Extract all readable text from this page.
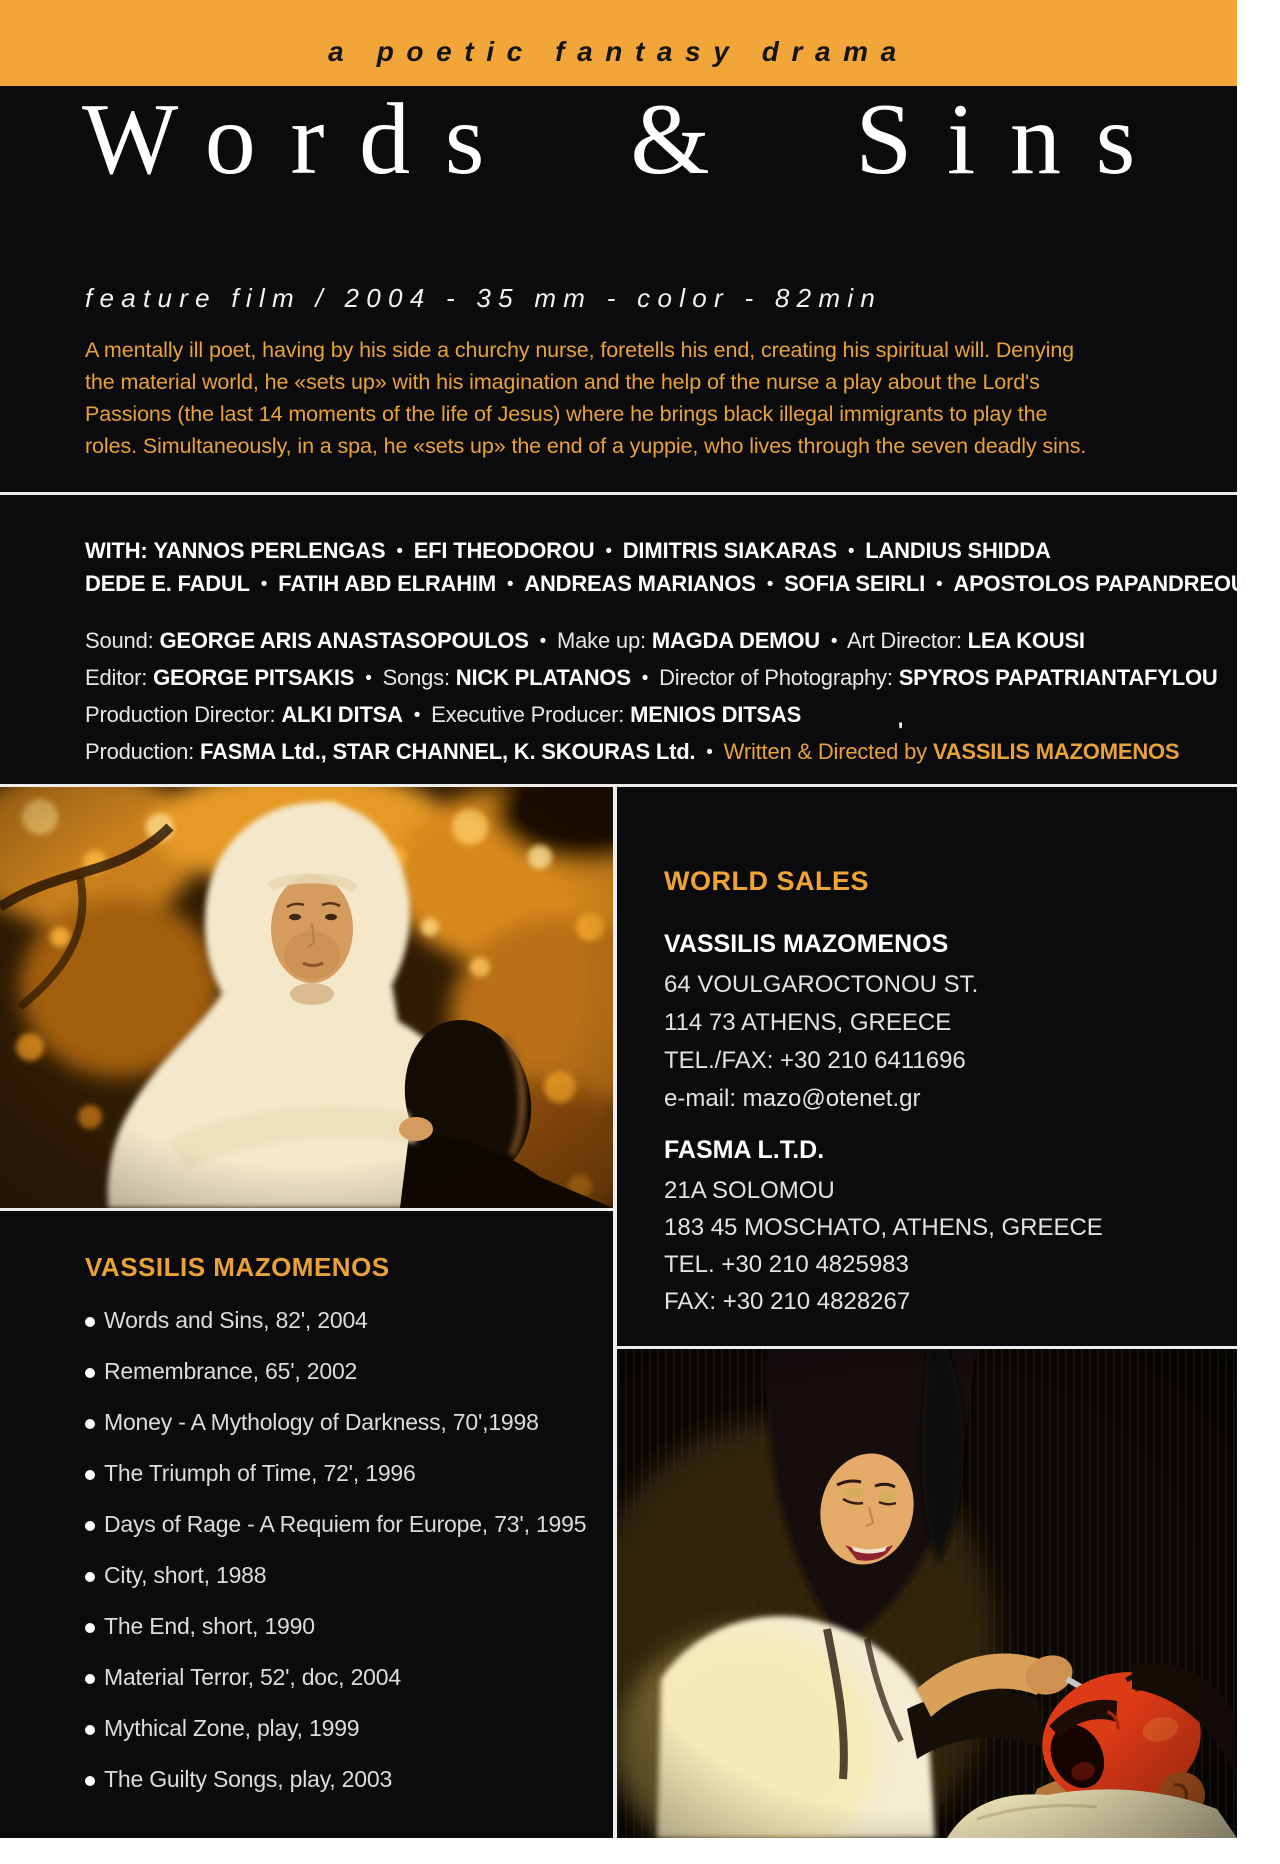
a poetic fantasy drama
Words & Sins
feature film / 2004 - 35 mm - color - 82min
A mentally ill poet, having by his side a churchy nurse, foretells his end, creating his spiritual will. Denying
the material world, he «sets up» with his imagination and the help of the nurse a play about the Lord's
Passions (the last 14 moments of the life of Jesus) where he brings black illegal immigrants to play the
roles. Simultaneously, in a spa, he «sets up» the end of a yuppie, who lives through the seven deadly sins.
WITH: YANNOS PERLENGAS • EFI THEODOROU • DIMITRIS SIAKARAS • LANDIUS SHIDDA
DEDE E. FADUL • FATIH ABD ELRAHIM • ANDREAS MARIANOS • SOFIA SEIRLI • APOSTOLOS PAPANDREOU
Sound: GEORGE ARIS ANASTASOPOULOS • Make up: MAGDA DEMOU • Art Director: LEA KOUSI
Editor: GEORGE PITSAKIS • Songs: NICK PLATANOS • Director of Photography: SPYROS PAPATRIANTAFYLOU
Production Director: ALKI DITSA • Executive Producer: MENIOS DITSAS
Production: FASMA Ltd., STAR CHANNEL, K. SKOURAS Ltd. • Written & Directed by VASSILIS MAZOMENOS
'
WORLD SALES
VASSILIS MAZOMENOS
64 VOULGAROCTONOU ST.
114 73 ATHENS, GREECE
TEL./FAX: +30 210 6411696
e-mail: mazo@otenet.gr
FASMA L.T.D.
21A SOLOMOU
183 45 MOSCHATO, ATHENS, GREECE
TEL. +30 210 4825983
FAX: +30 210 4828267
VASSILIS MAZOMENOS
Words and Sins, 82', 2004
Remembrance, 65', 2002
Money - A Mythology of Darkness, 70',1998
The Triumph of Time, 72', 1996
Days of Rage - A Requiem for Europe, 73', 1995
City, short, 1988
The End, short, 1990
Material Terror, 52', doc, 2004
Mythical Zone, play, 1999
The Guilty Songs, play, 2003
